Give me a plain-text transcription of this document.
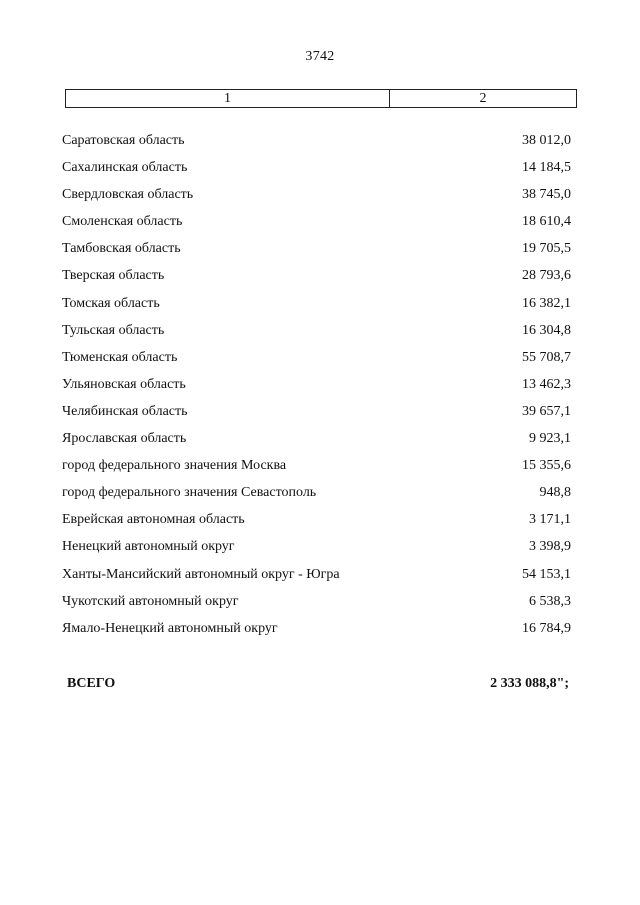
3742
1	2
Саратовская область	38 012,0
Сахалинская область	14 184,5
Свердловская область	38 745,0
Смоленская область	18 610,4
Тамбовская область	19 705,5
Тверская область	28 793,6
Томская область	16 382,1
Тульская область	16 304,8
Тюменская область	55 708,7
Ульяновская область	13 462,3
Челябинская область	39 657,1
Ярославская область	9 923,1
город федерального значения Москва	15 355,6
город федерального значения Севастополь	948,8
Еврейская автономная область	3 171,1
Ненецкий автономный округ	3 398,9
Ханты-Мансийский автономный округ - Югра	54 153,1
Чукотский автономный округ	6 538,3
Ямало-Ненецкий автономный округ	16 784,9
ВСЕГО	2 333 088,8";
